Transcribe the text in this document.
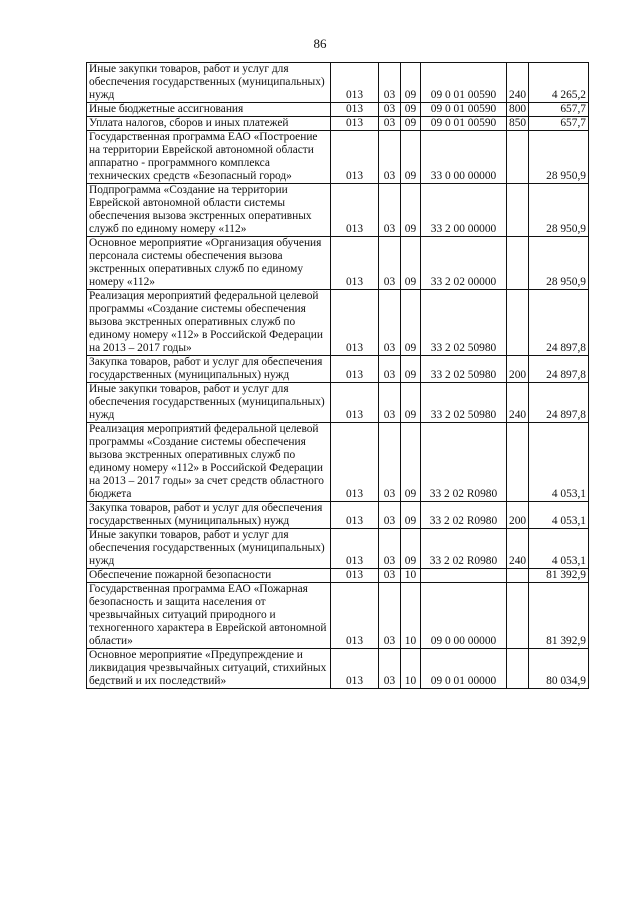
86
Иные закупки товаров, работ и услуг для обеспечения государственных (муниципальных) нужд	013	03	09	09 0 01 00590	240	4 265,2
Иные бюджетные ассигнования	013	03	09	09 0 01 00590	800	657,7
Уплата налогов, сборов и иных платежей	013	03	09	09 0 01 00590	850	657,7
Государственная программа ЕАО «Построение на территории Еврейской автономной области аппаратно - программного комплекса технических средств «Безопасный город»	013	03	09	33 0 00 00000		28 950,9
Подпрограмма «Создание на территории Еврейской автономной области системы обеспечения вызова экстренных оперативных служб по единому номеру «112»	013	03	09	33 2 00 00000		28 950,9
Основное мероприятие «Организация обучения персонала системы обеспечения вызова экстренных оперативных служб по единому номеру «112»	013	03	09	33 2 02 00000		28 950,9
Реализация мероприятий федеральной целевой программы «Создание системы обеспечения вызова экстренных оперативных служб по единому номеру «112» в Российской Федерации на 2013 – 2017 годы»	013	03	09	33 2 02 50980		24 897,8
Закупка товаров, работ и услуг для обеспечения государственных (муниципальных) нужд	013	03	09	33 2 02 50980	200	24 897,8
Иные закупки товаров, работ и услуг для обеспечения государственных (муниципальных) нужд	013	03	09	33 2 02 50980	240	24 897,8
Реализация мероприятий федеральной целевой программы «Создание системы обеспечения вызова экстренных оперативных служб по единому номеру «112» в Российской Федерации на 2013 – 2017 годы» за счет средств областного бюджета	013	03	09	33 2 02 R0980		4 053,1
Закупка товаров, работ и услуг для обеспечения государственных (муниципальных) нужд	013	03	09	33 2 02 R0980	200	4 053,1
Иные закупки товаров, работ и услуг для обеспечения государственных (муниципальных) нужд	013	03	09	33 2 02 R0980	240	4 053,1
Обеспечение пожарной безопасности	013	03	10			81 392,9
Государственная программа ЕАО «Пожарная безопасность и защита населения от чрезвычайных ситуаций природного и техногенного характера в Еврейской автономной области»	013	03	10	09 0 00 00000		81 392,9
Основное мероприятие «Предупреждение и ликвидация чрезвычайных ситуаций, стихийных бедствий и их последствий»	013	03	10	09 0 01 00000		80 034,9
